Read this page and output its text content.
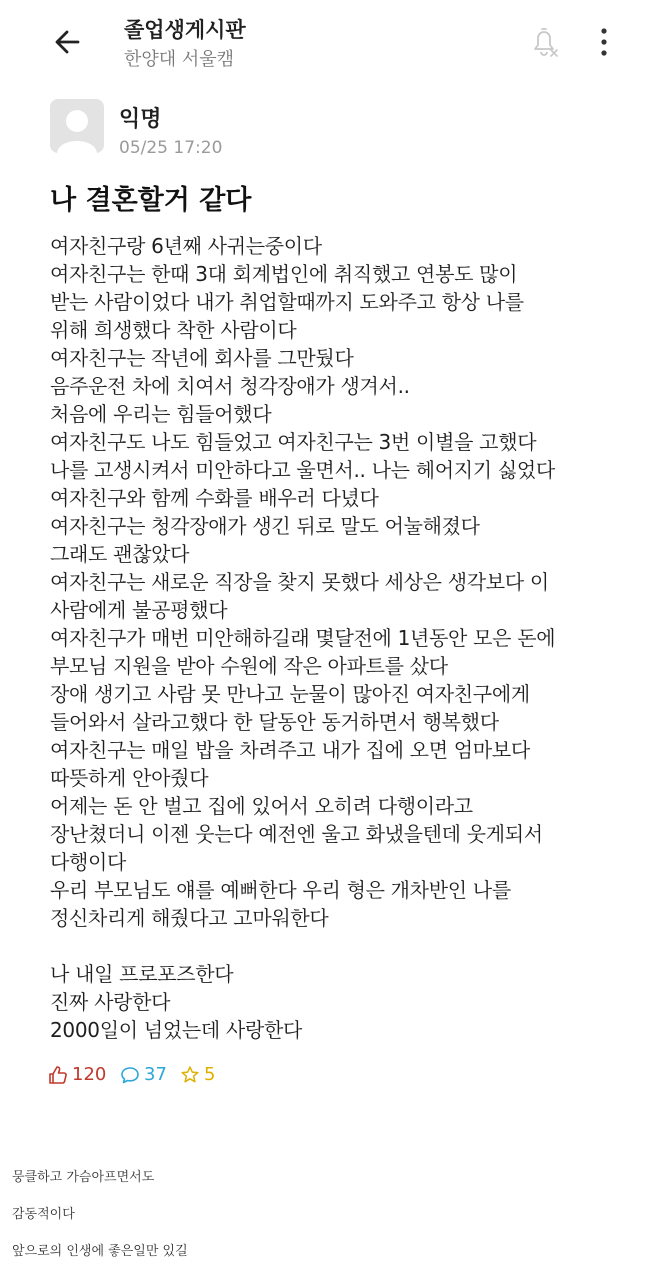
졸업생게시판
한양대 서울캠
익명
05/25 17:20
나 결혼할거 같다
여자친구랑 6년째 사귀는중이다
여자친구는 한때 3대 회계법인에 취직했고 연봉도 많이
받는 사람이었다 내가 취업할때까지 도와주고 항상 나를
위해 희생했다 착한 사람이다
여자친구는 작년에 회사를 그만뒀다
음주운전 차에 치여서 청각장애가 생겨서..
처음에 우리는 힘들어했다
여자친구도 나도 힘들었고 여자친구는 3번 이별을 고했다
나를 고생시켜서 미안하다고 울면서.. 나는 헤어지기 싫었다
여자친구와 함께 수화를 배우러 다녔다
여자친구는 청각장애가 생긴 뒤로 말도 어눌해졌다
그래도 괜찮았다
여자친구는 새로운 직장을 찾지 못했다 세상은 생각보다 이
사람에게 불공평했다
여자친구가 매번 미안해하길래 몇달전에 1년동안 모은 돈에
부모님 지원을 받아 수원에 작은 아파트를 샀다
장애 생기고 사람 못 만나고 눈물이 많아진 여자친구에게
들어와서 살라고했다 한 달동안 동거하면서 행복했다
여자친구는 매일 밥을 차려주고 내가 집에 오면 엄마보다
따뜻하게 안아줬다
어제는 돈 안 벌고 집에 있어서 오히려 다행이라고
장난쳤더니 이젠 웃는다 예전엔 울고 화냈을텐데 웃게되서
다행이다
우리 부모님도 얘를 예뻐한다 우리 형은 개차반인 나를
정신차리게 해줬다고 고마워한다
나 내일 프로포즈한다
진짜 사랑한다
2000일이 넘었는데 사랑한다
120 37 5
뭉클하고 가슴아프면서도
감동적이다
앞으로의 인생에 좋은일만 있길
